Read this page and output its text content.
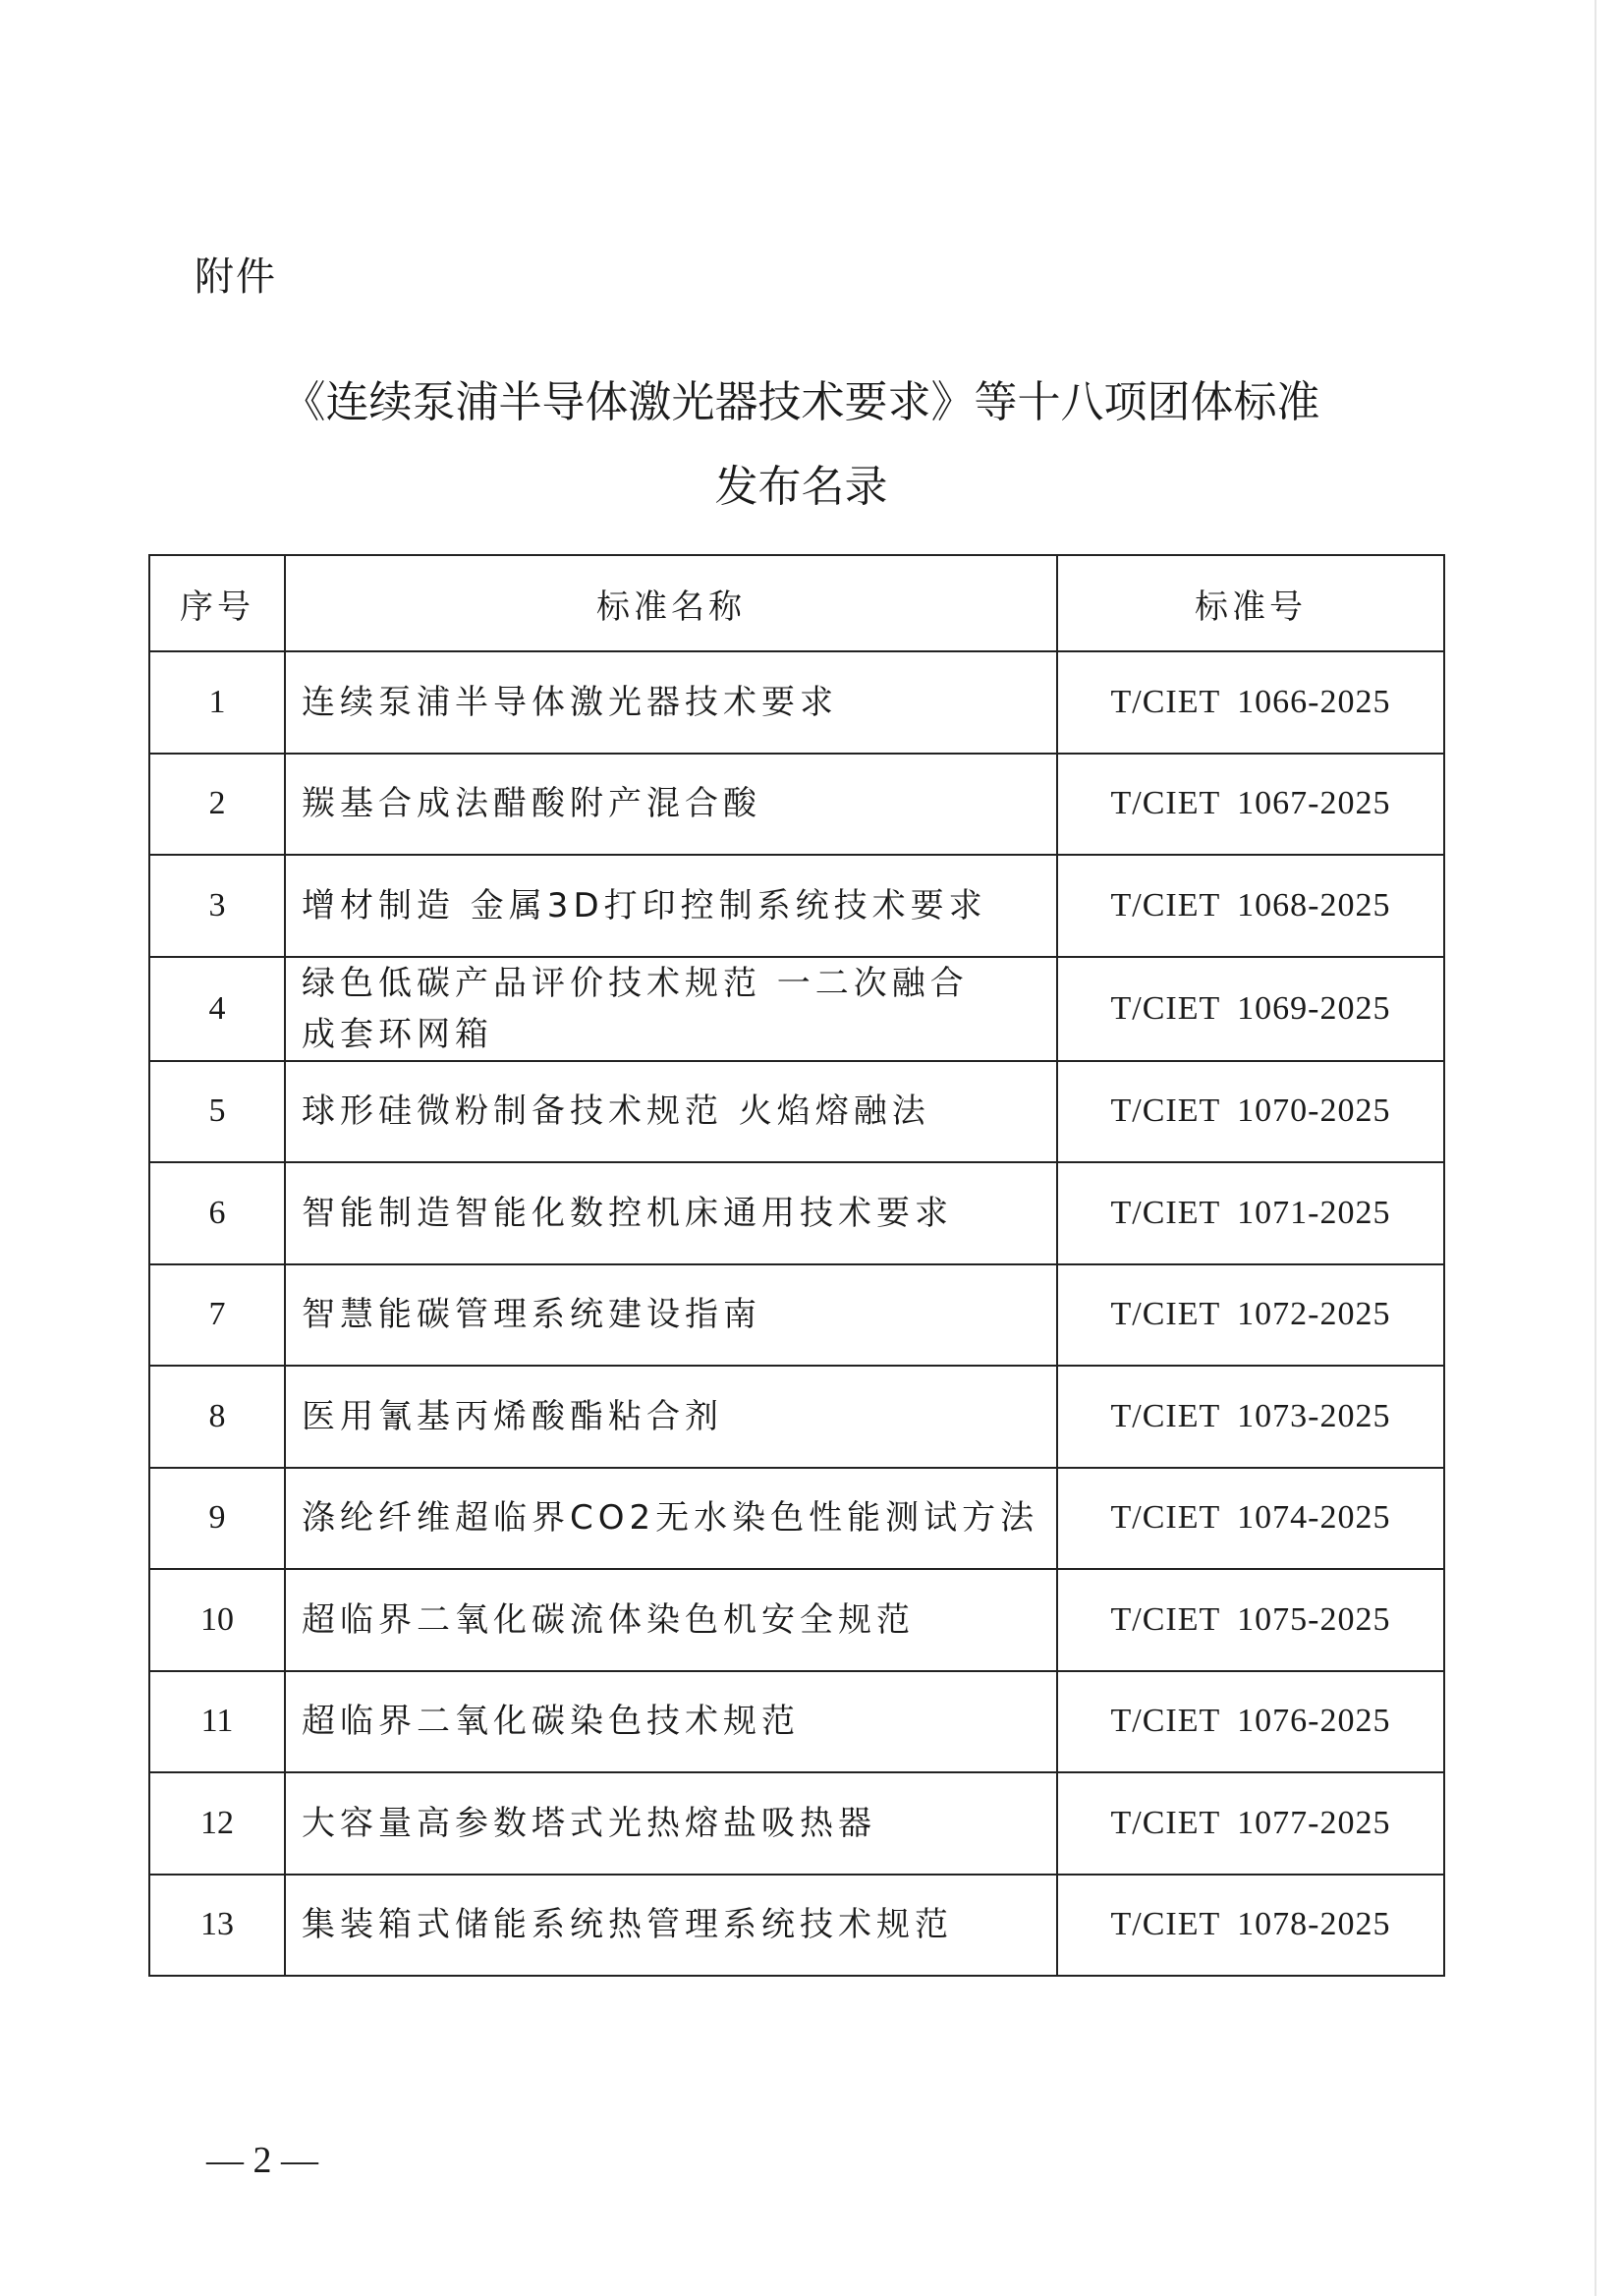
附件
《连续泵浦半导体激光器技术要求》等十八项团体标准
发布名录
序号	标准名称	标准号
1	连续泵浦半导体激光器技术要求	T/CIET 1066-2025
2	羰基合成法醋酸附产混合酸	T/CIET 1067-2025
3	增材制造 金属3D打印控制系统技术要求	T/CIET 1068-2025
4	绿色低碳产品评价技术规范 一二次融合
成套环网箱	T/CIET 1069-2025
5	球形硅微粉制备技术规范 火焰熔融法	T/CIET 1070-2025
6	智能制造智能化数控机床通用技术要求	T/CIET 1071-2025
7	智慧能碳管理系统建设指南	T/CIET 1072-2025
8	医用氰基丙烯酸酯粘合剂	T/CIET 1073-2025
9	涤纶纤维超临界CO2无水染色性能测试方法	T/CIET 1074-2025
10	超临界二氧化碳流体染色机安全规范	T/CIET 1075-2025
11	超临界二氧化碳染色技术规范	T/CIET 1076-2025
12	大容量高参数塔式光热熔盐吸热器	T/CIET 1077-2025
13	集装箱式储能系统热管理系统技术规范	T/CIET 1078-2025
— 2 —
